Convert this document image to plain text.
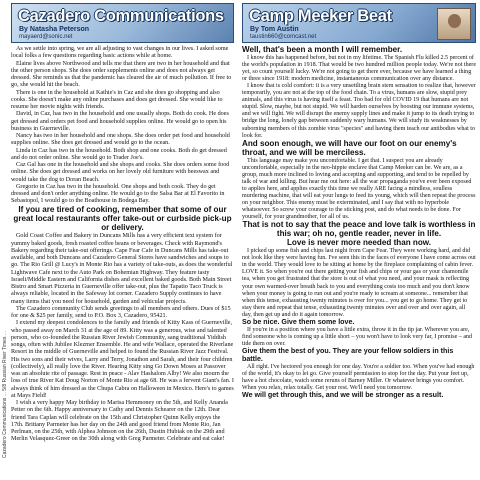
Cazadero Communications ... 5/8 Russian River Times ...
Cazadero Communications
By Natasha Peterson
mayaerd@sonic.net

As we settle into spring, we are all adjusting to vast changes in our lives. I asked some local folks a few questions regarding basic actions while at home.

Elaine lives above Northwood and tells me that there are two in her household and that the other person shops. She does order supplements online and does not always get dressed. She reminds us that the pandemic has cleared the air of much pollution. If free to go, she would hit the beach.

There is one in the household at Kathie's in Caz and she does go shopping and also cooks. She doesn't make any online purchases and does get dressed. She would like to resume her movie nights with friends.

David, in Caz, has two in the household and one usually shops. Both do cook. He does get dressed and orders pet food and household supplies online. He would go to open his business in Guerneville.

Nancy has two in her household and one shops. She does order pet food and household supplies online. She does get dressed and would go to the ocean.

Linda in Caz has two in the household. Both shop and one cooks. Both do get dressed and do not order online. She would go to Trader Joe's.

Caz Gal has one in the household and she shops and cooks. She does orders some food online. She does get dressed and works on her lovely old furniture with beeswax and would take the dog to Doran Beach.

Gregorio in Caz has two in the household. One shops and both cook. They do get dressed and don't order anything online. He would go to the Salsa Bar at El Favorito in Sebastopol, I would go to the Boathouse in Bodega Bay.

If you are tired of cooking, remember that some of our great local restaurants offer take-out or curbside pick-up or delivery.

Gold Coast Coffee and Bakery in Duncans Mills has a very efficient text system for yummy baked goods, fresh roasted coffee beans or beverages. Check with Raymond's Bakery regarding their take-out offerings. Cape Fear Cafe in Duncans Mills has take-out available, and both Duncans and Cazadero General Stores have sandwiches and soups to go. The Rio Grill @ Lucy's in Monte Rio has a variety of take-outs, as does the wonderful Lightwave Cafe next to the Auto Park on Bohemian Highway. They feature tasty Israeli/Middle Eastern and California dishes and excellent baked goods. Both Main Street Bistro and Smart Pizzeria in Guerneville offer take-out, plus the Tapatio Taco Truck is always reliable, located in the Safeway lot corner. Cazadero Supply continues to have many items that you need for household, garden and vehicular projects.

The Cazadero community Club sends greetings to all members and others. Dues of $15 for one & $25 per family, send to P.O. Box 3, Cazadero, 95421.

I extend my deepest condolences to the family and friends of Kitty Kass of Guerneville, who passed away on March 31 at the age of 89. Kitty was a generous, wise and talented person, who co-founded the Russian River Jewish Community, sang traditional Yiddish songs, often with Jubilee Klezmer Ensemble. He and wife Wallace, operated the Riverlane Resort in the middle of Guerneville and helped to found the Russian River Jazz Festival. His two sons and their wives, Larry and Terry, Jonathon and Sarah, and their four children (collectively), all really love the River. Hearing Kitty sing Go Down Moses at Passover was an absolute rite of passage. Rest in peace - Alav Hashalom Alby! We also mourn the loss of true River Kat Doug Norton of Monte Rio at age 68. He was a fervent Giant's fan. I always think of him dressed as the Chupa Cabra on Halloween in Mexico. Here's to games at Mays Field!

I wish a very happy May birthday to Marisa Hemmoney on the 5th, and Kelly Ananda Petter on the 6th. Happy anniversary to Cathy and Dennis Schearer on the 12th. Dear friend Tara Caplan will celebrate on the 15th and Christopher Quinn Kelly enjoys the 17th. Brittany Parmeter has her day on the 24th and good friend from Monte Rio, Jan Perlman, on the 25th, with Alphea Johnson on the 26th, Dustin Hubiak on the 29th and Merlin Velasquez-Greer on the 30th along with Greg Parmeter. Celebrate and eat cake!

Camp Meeker Beat
By Tom Austin
taustin660@comcast.net

Well, that's been a month I will remember.

I know this has happened before, but not in my lifetime. The Spanish Flu killed 2.5 percent of the world's population in 1918. That would be two hundred million people today. We're not there yet, so count yourself lucky. We're not going to get there ever, because we have learned a thing or three since 1918: modern medicine, instantaneous communication over any distance.

I know that is cold comfort: it is a very unsettling brain stem sensation to realize that, however temporarily, you are not at the top of the food chain. To a virus, humans are slow, stupid prey animals, and this virus is having itself a feast. Too bad for old COVID 19 that humans are not stupid. Slow, maybe, but not stupid. We will harden ourselves by boosting our immune systems, and we will fight. We will disrupt the enemy supply lines and make it jump to its death trying to bridge the long, lonely gap between suddenly wary humans. We will study its weaknesses by suborning members of this zombie virus "species" and having them teach our antibodies what to look for.

And soon enough, we will have our foot on our enemy's throat, and we will be merciless.

This language may make you uncomfortable. I get that. I suspect you are already uncomfortable, especially in the neo-hippie enclave that Camp Meeker can be. We are, as a group, much more inclined to loving and accepting and supporting, and tend to be repelled by talk of war and killing. But hear me out here: all the war propaganda you've ever been exposed to applies here, and applies exactly this time we really ARE facing a mindless, soulless murdering machine, that will eat your lungs to feed its young, which will then repeat the process on your neighbor. This enemy must be exterminated, and I say that with no hyperbole whatsoever. So screw your courage to the sticking post, and do what needs to be done. For yourself, for your grandmother, for all of us.

That is not to say that the peace and love talk is worthless in

this war; oh no, gentle reader, never in life.

Love is never more needed than now.

I picked up some fish and chips last night from Cape Fear. They were working hard, and did not look like they were having fun. I've seen this in the faces of everyone I have come across out in the world. They would love to be sitting at home by the fireplace complaining of cabin fever. LOVE it. So when you're out there getting your fish and chips or your gas or your chamomile tea, when you get frustrated that the store is out of what you need, and your mask is reflecting your own warmed-over breath back to you and everything costs too much and you don't know when your money is going to run out and you're ready to scream at someone... remember that when this tense, exhausting twenty minutes is over for you... you get to go home. They get to stay there and repeat that tense, exhausting twenty minutes over and over and over again, all day, then get up and do it again tomorrow.

So be nice. Give them some love.

If you're in a position where you have a little extra, throw it in the tip jar. Wherever you are, find someone who is coming up a little short – you won't have to look very far, I promise – and tide them on over.

Give them the best of you. They are your fellow soldiers in this battle.

All right. I've hectored you enough for one day. You're a soldier too. When you've had enough of the world, it's okay to let go. Give yourself permission to stop for the day. Put your feet up, have a hot chocolate, watch some reruns of Barney Miller. Or whatever brings you comfort. When you relax, relax totally. Get your rest. We'll need you tomorrow.

We will get through this, and we will be stronger as a result.
